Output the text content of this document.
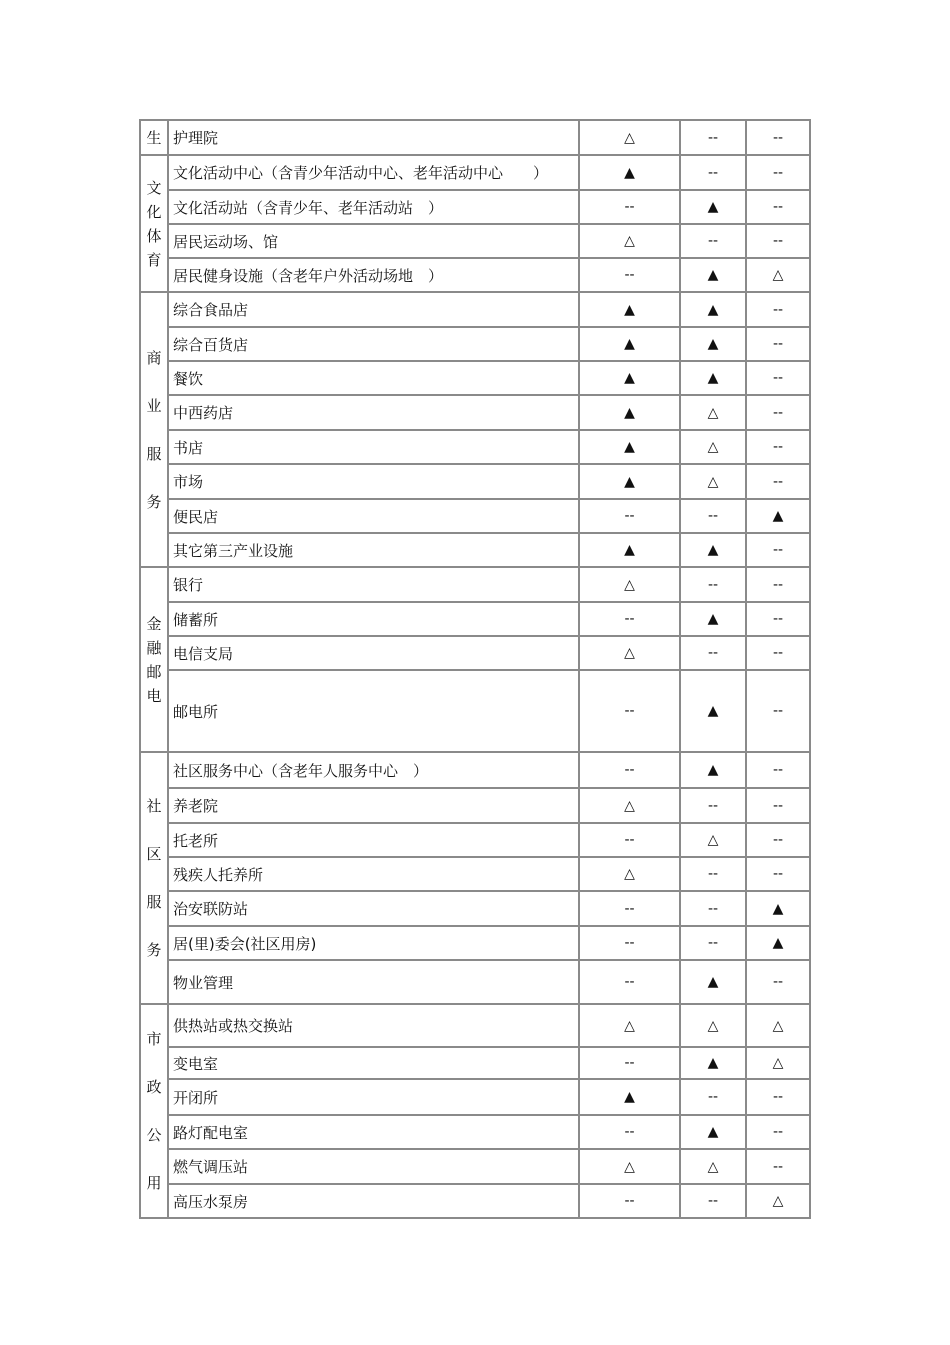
生	护理院	△	--	--

文
化
体
育	文化活动中心（含青少年活动中心、老年活动中心　　）	▲	--	--
	文化活动站（含青少年、老年活动站　）	--	▲	--
	居民运动场、馆	△	--	--
	居民健身设施（含老年户外活动场地　）	--	▲	△

商
业
服
务	综合食品店	▲	▲	--
	综合百货店	▲	▲	--
	餐饮	▲	▲	--
	中西药店	▲	△	--
	书店	▲	△	--
	市场	▲	△	--
	便民店	--	--	▲
	其它第三产业设施	▲	▲	--

金
融
邮
电	银行	△	--	--
	储蓄所	--	▲	--
	电信支局	△	--	--
	邮电所	--	▲	--

社
区
服
务	社区服务中心（含老年人服务中心　）	--	▲	--
	养老院	△	--	--
	托老所	--	△	--
	残疾人托养所	△	--	--
	治安联防站	--	--	▲
	居(里)委会(社区用房)	--	--	▲
	物业管理	--	▲	--

市
政
公
用	供热站或热交换站	△	△	△
	变电室	--	▲	△
	开闭所	▲	--	--
	路灯配电室	--	▲	--
	燃气调压站	△	△	--
	高压水泵房	--	--	△
